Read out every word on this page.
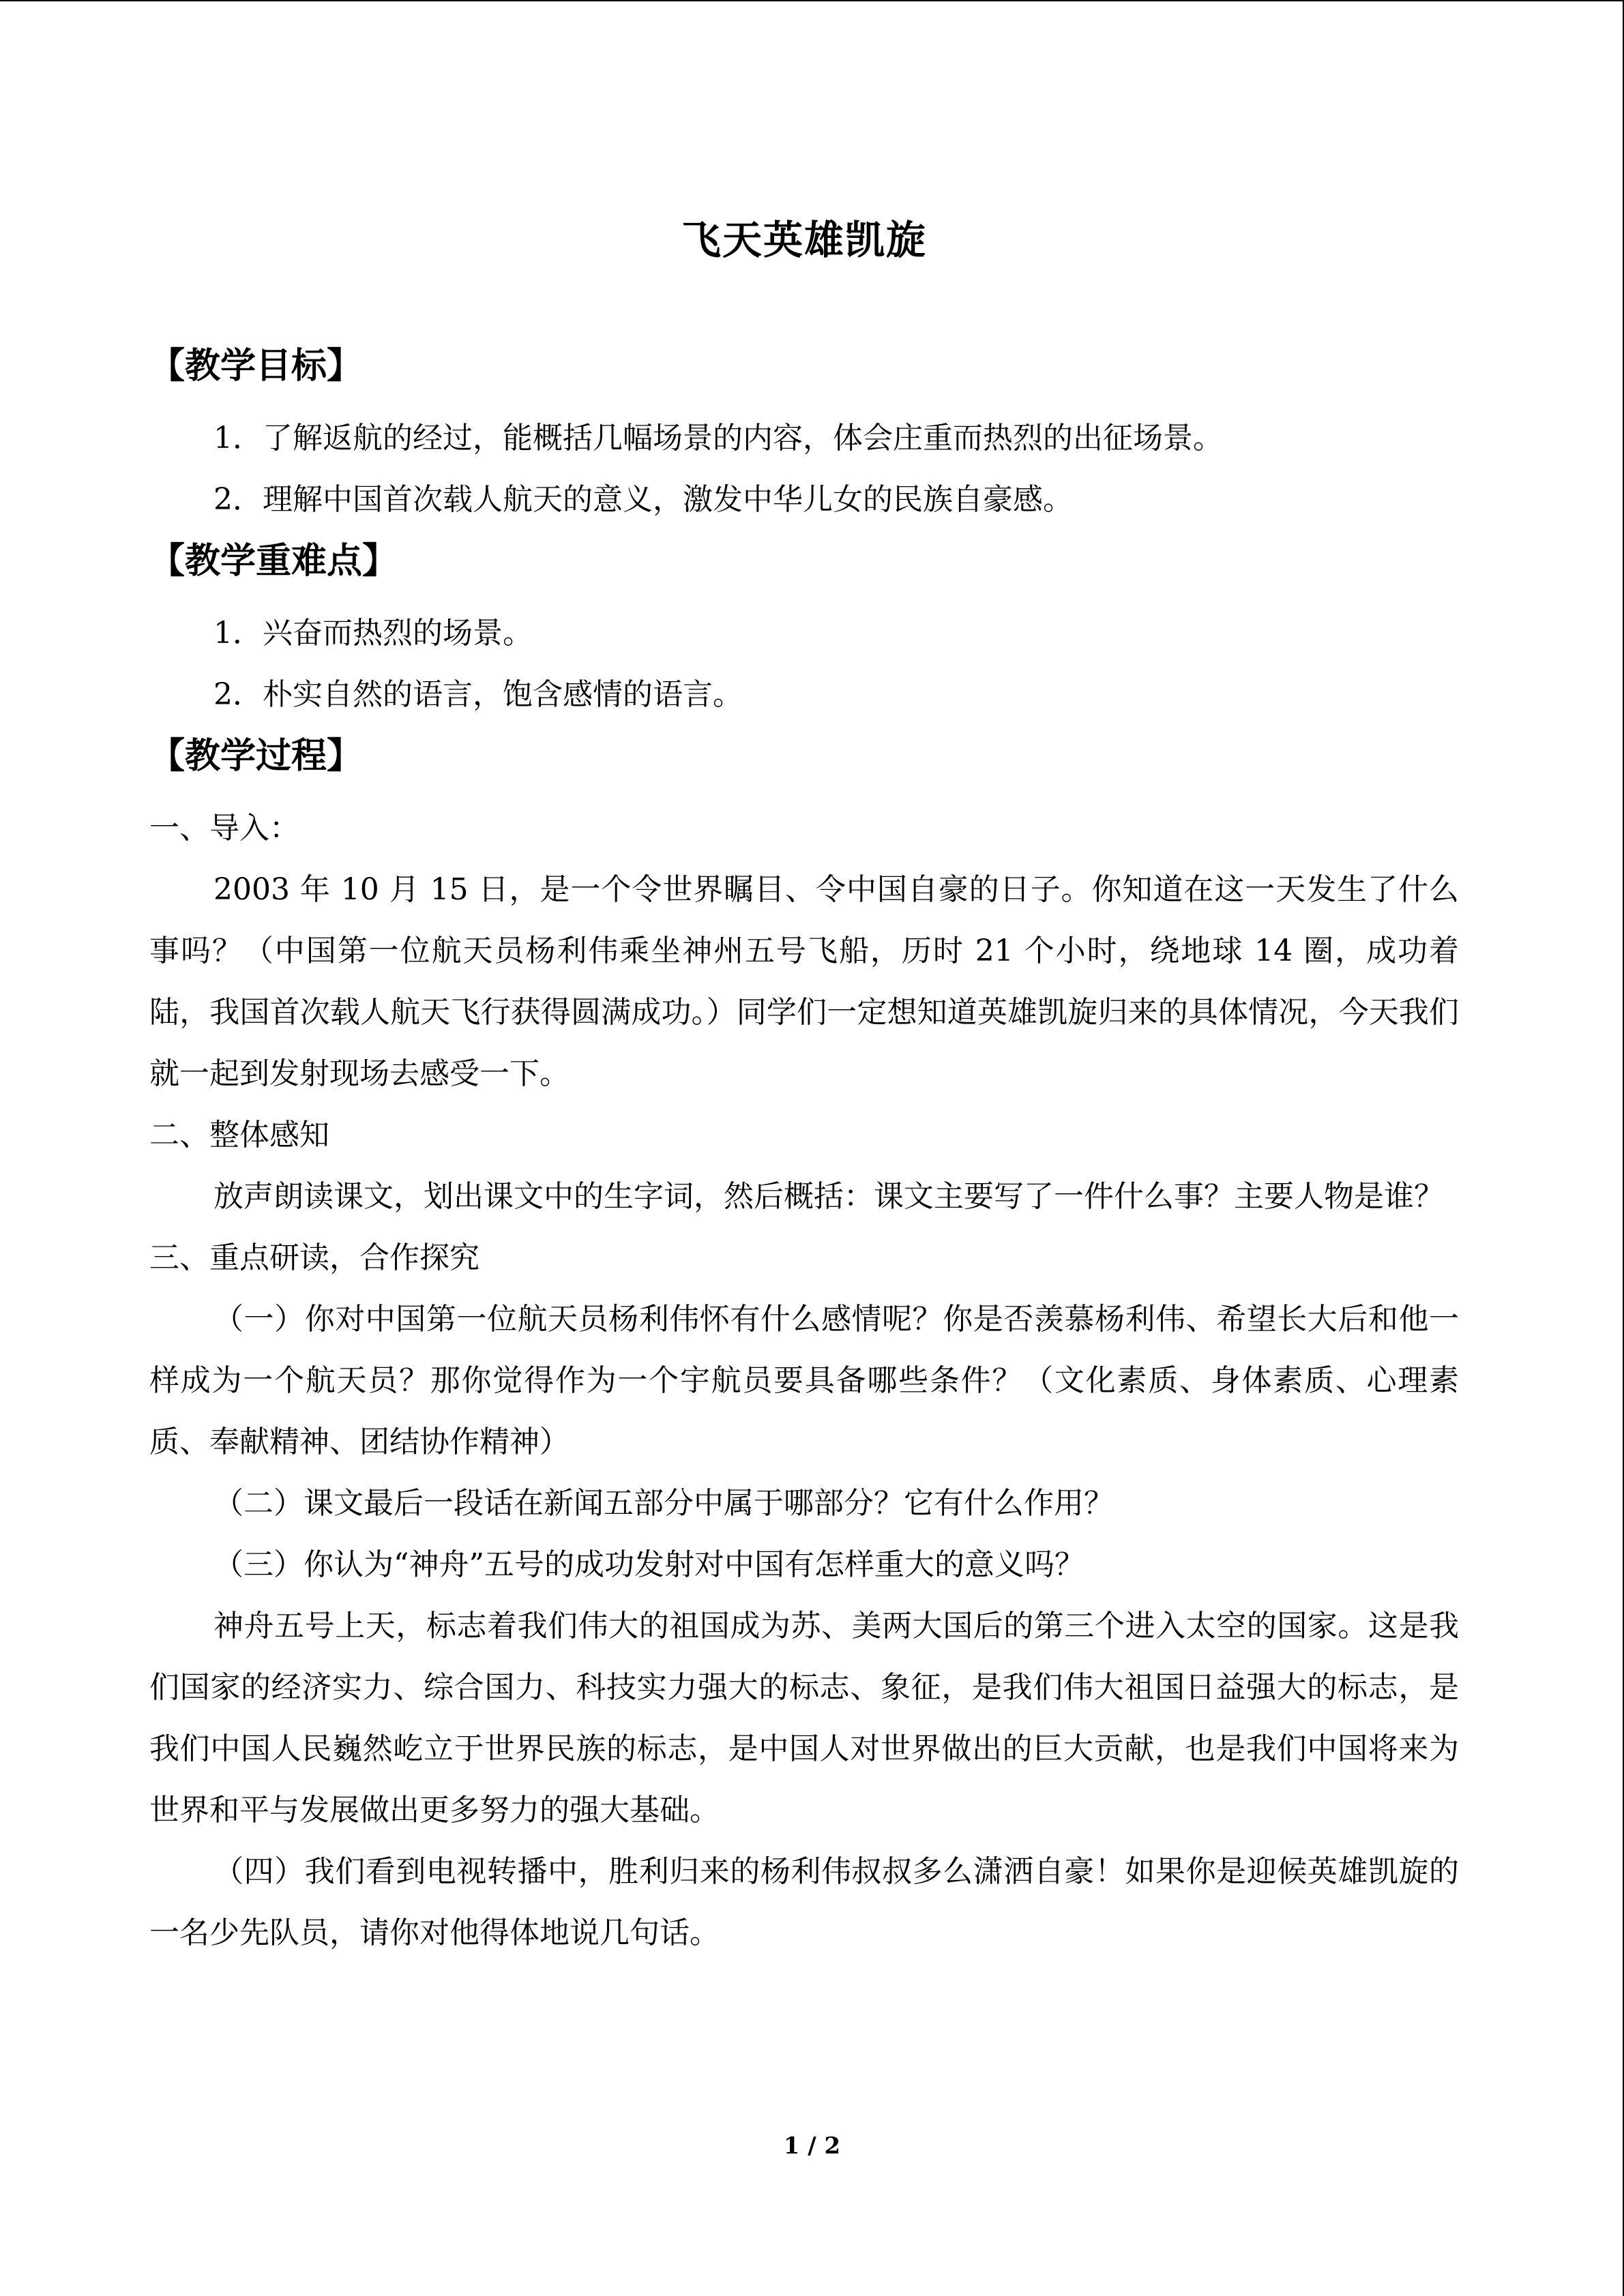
飞天英雄凯旋
【教学目标】

1．了解返航的经过，能概括几幅场景的内容，体会庄重而热烈的出征场景。

2．理解中国首次载人航天的意义，激发中华儿女的民族自豪感。

【教学重难点】

1．兴奋而热烈的场景。

2．朴实自然的语言，饱含感情的语言。

【教学过程】

一、导入：

2003 年 10 月 15 日，是一个令世界瞩目、令中国自豪的日子。你知道在这一天发生了什么事吗？（中国第一位航天员杨利伟乘坐神州五号飞船，历时 21 个小时，绕地球 14 圈，成功着陆，我国首次载人航天飞行获得圆满成功。）同学们一定想知道英雄凯旋归来的具体情况，今天我们就一起到发射现场去感受一下。

二、整体感知

放声朗读课文，划出课文中的生字词，然后概括：课文主要写了一件什么事？主要人物是谁？

三、重点研读，合作探究

（一）你对中国第一位航天员杨利伟怀有什么感情呢？你是否羡慕杨利伟、希望长大后和他一样成为一个航天员？那你觉得作为一个宇航员要具备哪些条件？（文化素质、身体素质、心理素质、奉献精神、团结协作精神）

（二）课文最后一段话在新闻五部分中属于哪部分？它有什么作用？

（三）你认为“神舟”五号的成功发射对中国有怎样重大的意义吗？

神舟五号上天，标志着我们伟大的祖国成为苏、美两大国后的第三个进入太空的国家。这是我们国家的经济实力、综合国力、科技实力强大的标志、象征，是我们伟大祖国日益强大的标志，是我们中国人民巍然屹立于世界民族的标志，是中国人对世界做出的巨大贡献，也是我们中国将来为世界和平与发展做出更多努力的强大基础。

（四）我们看到电视转播中，胜利归来的杨利伟叔叔多么潇洒自豪！如果你是迎候英雄凯旋的一名少先队员，请你对他得体地说几句话。

1 / 2
